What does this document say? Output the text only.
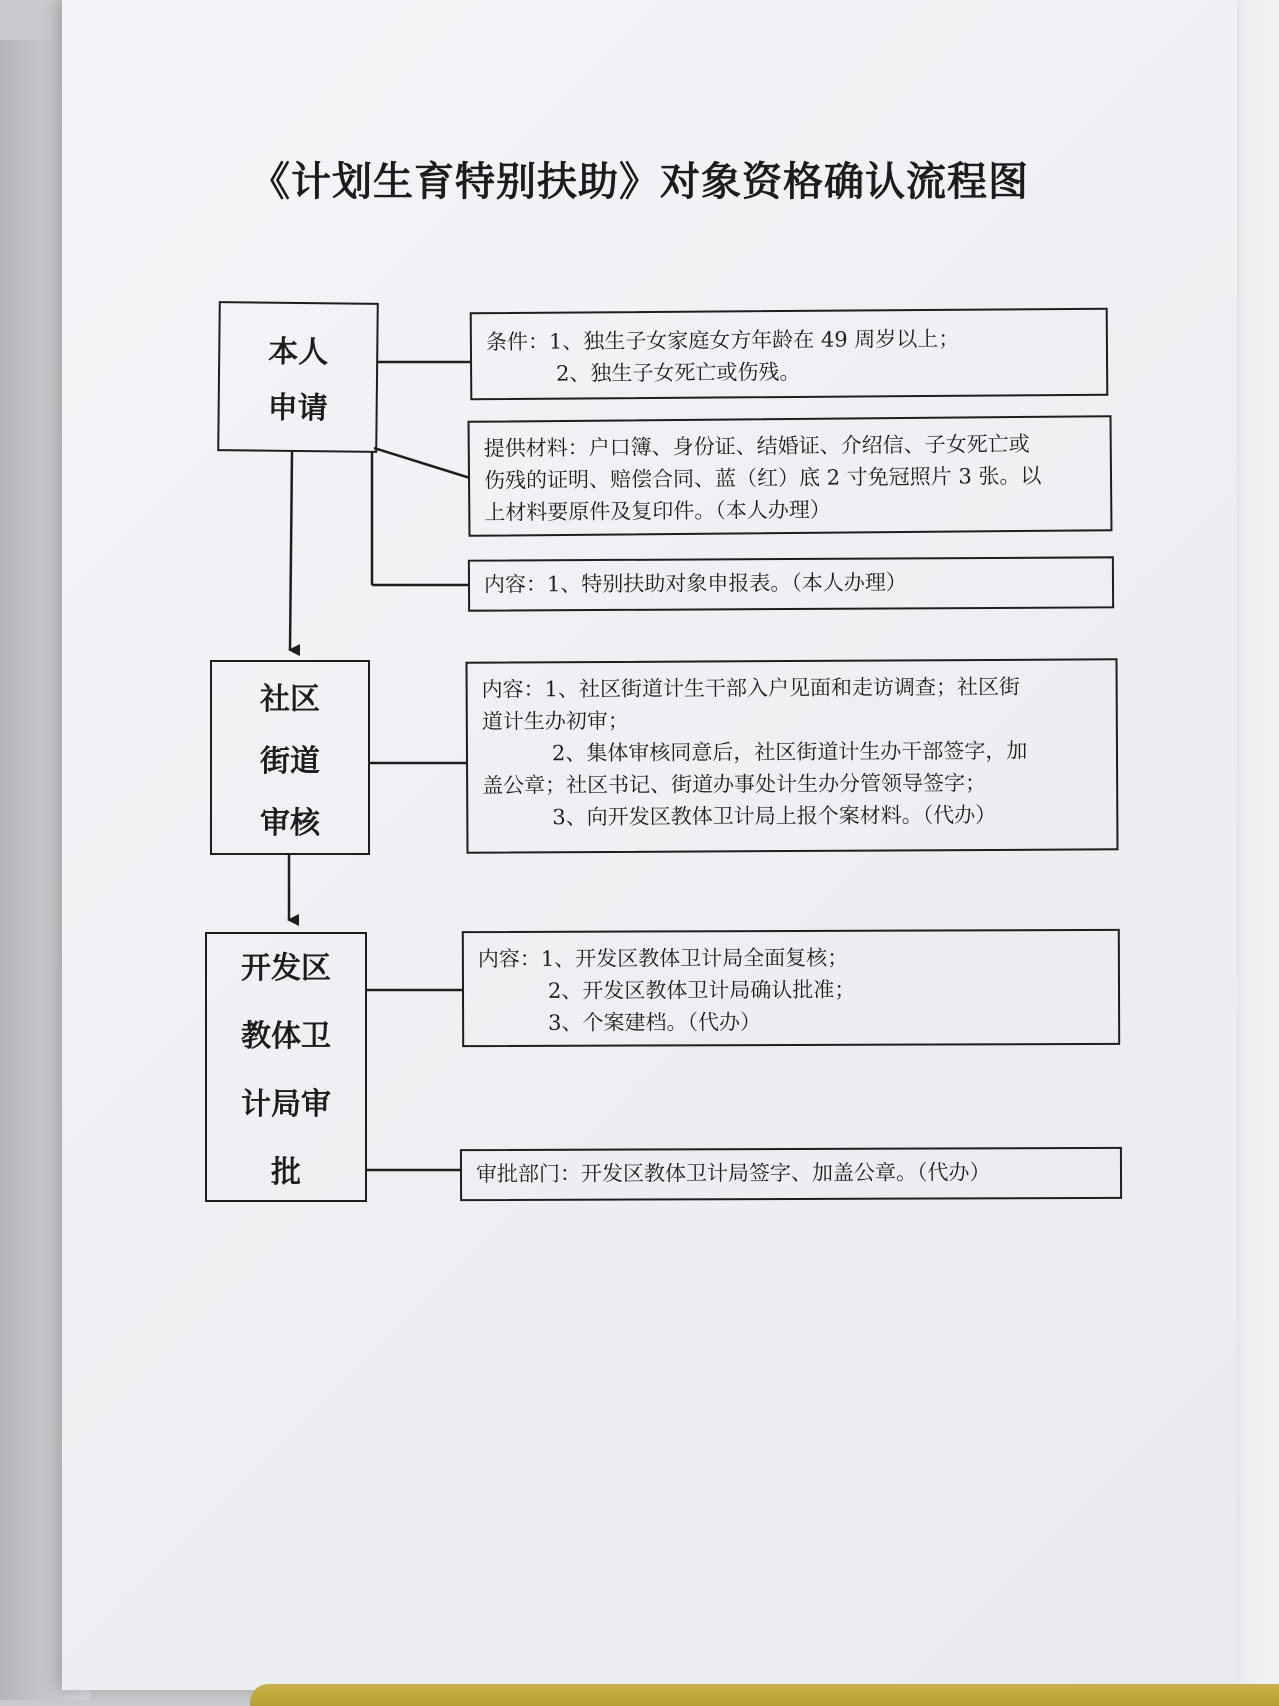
《计划生育特别扶助》对象资格确认流程图
本人
申请
社区
街道
审核
开发区
教体卫
计局审
批
条件：1、独生子女家庭女方年龄在 49 周岁以上；
2、独生子女死亡或伤残。
提供材料：户口簿、身份证、结婚证、介绍信、子女死亡或
伤残的证明、赔偿合同、蓝（红）底 2 寸免冠照片 3 张。以
上材料要原件及复印件。（本人办理）
内容：1、特别扶助对象申报表。（本人办理）
内容：1、社区街道计生干部入户见面和走访调查；社区街
道计生办初审；
2、集体审核同意后，社区街道计生办干部签字，加
盖公章；社区书记、街道办事处计生办分管领导签字；
3、向开发区教体卫计局上报个案材料。（代办）
内容：1、开发区教体卫计局全面复核；
2、开发区教体卫计局确认批准；
3、个案建档。（代办）
审批部门：开发区教体卫计局签字、加盖公章。（代办）
